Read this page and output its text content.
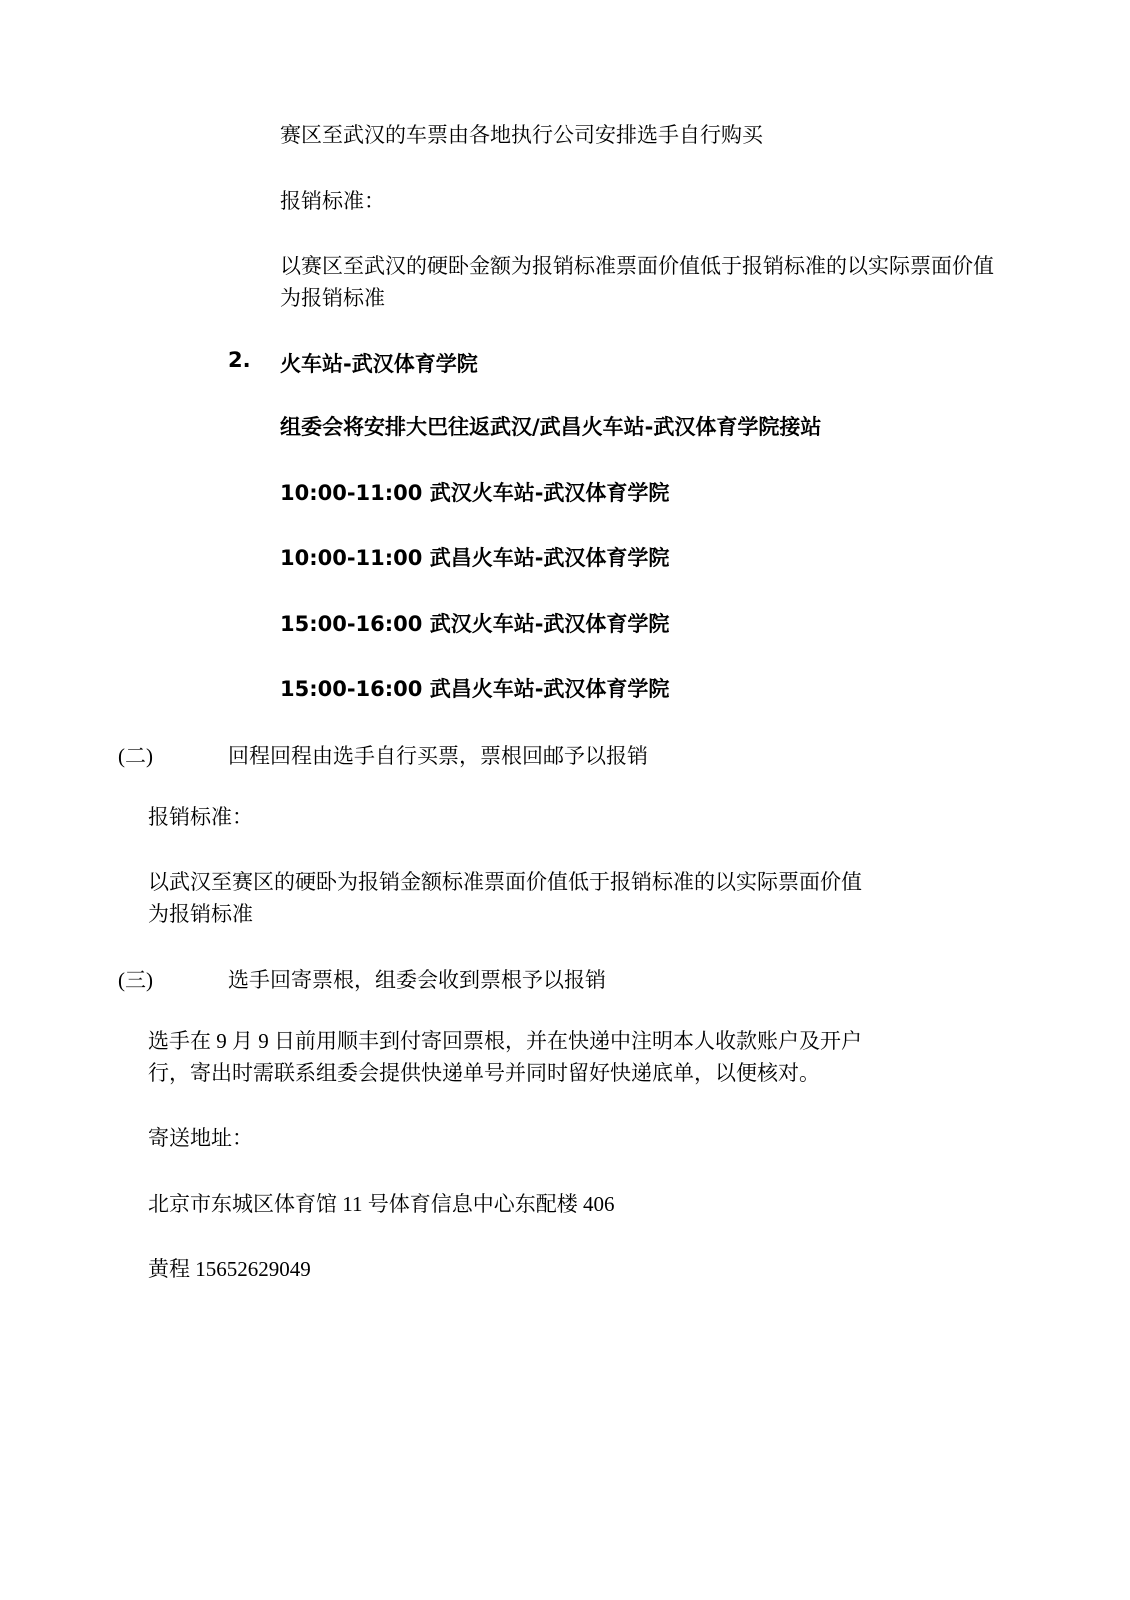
赛区至武汉的车票由各地执行公司安排选手自行购买

报销标准：

以赛区至武汉的硬卧金额为报销标准票面价值低于报销标准的以实际票面价值为报销标准

2.	火车站-武汉体育学院

组委会将安排大巴往返武汉/武昌火车站-武汉体育学院接站

10:00-11:00 武汉火车站-武汉体育学院

10:00-11:00 武昌火车站-武汉体育学院

15:00-16:00 武汉火车站-武汉体育学院

15:00-16:00 武昌火车站-武汉体育学院

(二)	回程回程由选手自行买票，票根回邮予以报销

报销标准：

以武汉至赛区的硬卧为报销金额标准票面价值低于报销标准的以实际票面价值为报销标准

(三)	选手回寄票根，组委会收到票根予以报销

选手在 9 月 9 日前用顺丰到付寄回票根，并在快递中注明本人收款账户及开户行，寄出时需联系组委会提供快递单号并同时留好快递底单，以便核对。

寄送地址：

北京市东城区体育馆 11 号体育信息中心东配楼 406

黄程 15652629049
